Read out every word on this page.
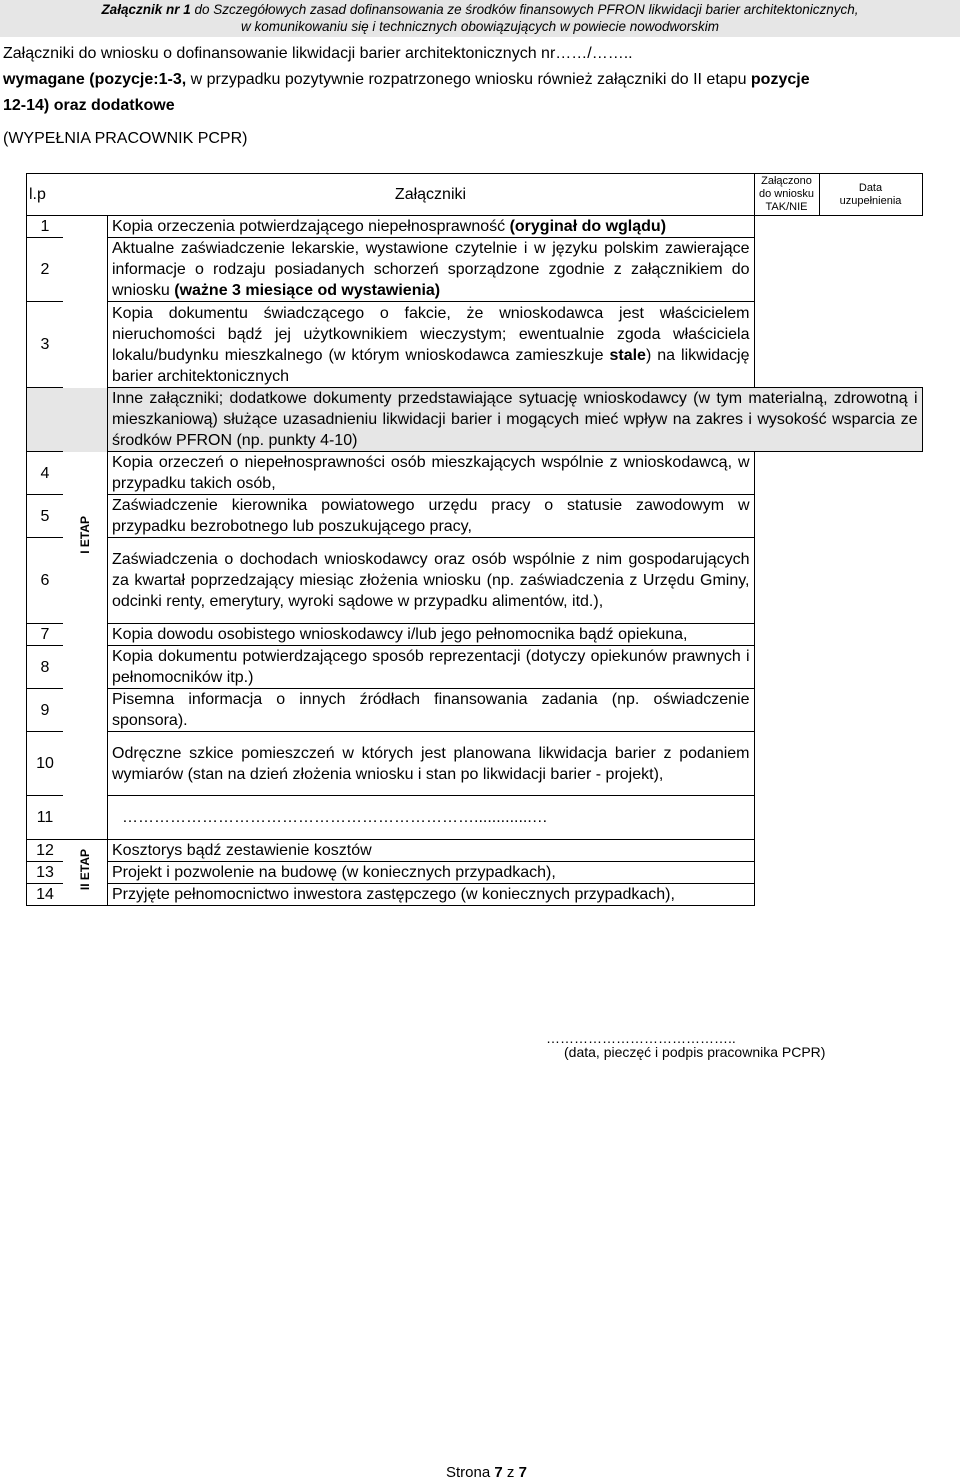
Załącznik nr 1 do Szczegółowych zasad dofinansowania ze środków finansowych PFRON likwidacji barier architektonicznych,
w komunikowaniu się i technicznych obowiązujących w powiecie nowodworskim
Załączniki do wniosku o dofinansowanie likwidacji barier architektonicznych nr……/……..
wymagane (pozycje:1-3, w przypadku pozytywnie rozpatrzonego wniosku również załączniki do II etapu pozycje
12-14) oraz dodatkowe
(WYPEŁNIA PRACOWNIK PCPR)
l.p		Załączniki	Załączono
do wniosku
TAK/NIE	Data
uzupełnienia
1		Kopia orzeczenia potwierdzającego niepełnosprawność (oryginał do wglądu)		
2		Aktualne zaświadczenie lekarskie, wystawione czytelnie i w języku polskim zawierające informacje o rodzaju posiadanych schorzeń sporządzone zgodnie z załącznikiem do wniosku (ważne 3 miesiące od wystawienia)		
3		Kopia dokumentu świadczącego o fakcie, że wnioskodawca jest właścicielem nieruchomości bądź jej użytkownikiem wieczystym; ewentualnie zgoda właściciela lokalu/budynku mieszkalnego (w którym wnioskodawca zamieszkuje stale) na likwidację barier architektonicznych		
		Inne załączniki; dodatkowe dokumenty przedstawiające sytuację wnioskodawcy (w tym materialną, zdrowotną i mieszkaniową) służące uzasadnieniu likwidacji barier i mogących mieć wpływ na zakres i wysokość wsparcia ze środków PFRON (np. punkty 4-10)		
4	I ETAP	Kopia orzeczeń o niepełnosprawności osób mieszkających wspólnie z wnioskodawcą, w przypadku takich osób,		
5		Zaświadczenie kierownika powiatowego urzędu pracy o statusie zawodowym w przypadku bezrobotnego lub poszukującego pracy,		
6		Zaświadczenia o dochodach wnioskodawcy oraz osób wspólnie z nim gospodarujących za kwartał poprzedzający miesiąc złożenia wniosku (np. zaświadczenia z Urzędu Gminy, odcinki renty, emerytury, wyroki sądowe w przypadku alimentów, itd.),		
7		Kopia dowodu osobistego wnioskodawcy i/lub jego pełnomocnika bądź opiekuna,		
8		Kopia dokumentu potwierdzającego sposób reprezentacji (dotyczy opiekunów prawnych i pełnomocników itp.)		
9		Pisemna informacja o innych źródłach finansowania zadania (np. oświadczenie sponsora).		
10		Odręczne szkice pomieszczeń w których jest planowana likwidacja barier z podaniem wymiarów (stan na dzień złożenia wniosku i stan po likwidacji barier - projekt),		
11		………………………………………………………….............…		
12	II ETAP	Kosztorys bądź zestawienie kosztów		
13		Projekt i pozwolenie na budowę (w koniecznych przypadkach),		
14		Przyjęte pełnomocnictwo inwestora zastępczego (w koniecznych przypadkach),		
…………………………………..
(data, pieczęć i podpis pracownika PCPR)
Strona 7 z 7
